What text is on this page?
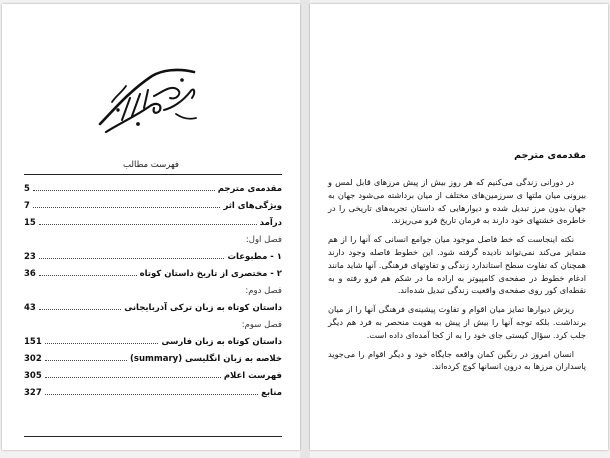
فهرست مطالب
مقدمه‌ی مترجم
5
ویژگی‌های اثر
7
درآمد
15
فصل اول:
۱ - مطبوعات
23
۲ - مختصری از تاریخ داستان کوتاه
36
فصل دوم:
داستان کوتاه به زبان ترکی آذربایجانی
43
فصل سوم:
داستان کوتاه به زبان فارسی
151
خلاصه به زبان انگلیسی (summary)
302
فهرست اعلام
305
منابع
327
مقدمه‌ی مترجم

در دورانی زندگی می‌کنیم که هر روز بیش از پیش مرزهای قابل لمس و بیرونی میان ملتها ی سرزمین‌های مختلف از میان برداشته می‌شود جهان به جهان بدون مرز تبدیل شده و دیوارهایی که داستان تجربه‌های تاریخی را در خاطره‌ی خشتهای خود دارند به فرمان تاریخ فرو می‌ریزند.

نکته اینجاست که خط فاصل موجود میان جوامع انسانی که آنها را از هم متمایز می‌کند نمی‌تواند نادیده گرفته شود. این خطوط فاصله وجود دارند همچنان که تفاوت سطح استاندارد زندگی و تفاوتهای فرهنگی. آنها شاید مانند ادغام خطوط در صفحه‌ی کامپیوتر به اراده ما در شکم هم فرو رفته و به نقطه‌ای کور روی صفحه‌ی واقعیت زندگی تبدیل شده‌اند.

ریزش دیوارها تمایز میان اقوام و تفاوت پیشینه‌ی فرهنگی آنها را از میان برنداشت. بلکه توجه آنها را بیش از پیش به هویت منحصر به فرد هم دیگر جلب کرد. سؤال کیستی جای خود را به از کجا آمده‌ای داده است.

انسان امروز در رنگین کمان واقعه جایگاه خود و دیگر اقوام را می‌جوید پاسداران مرزها به درون انسانها کوچ کرده‌اند.
